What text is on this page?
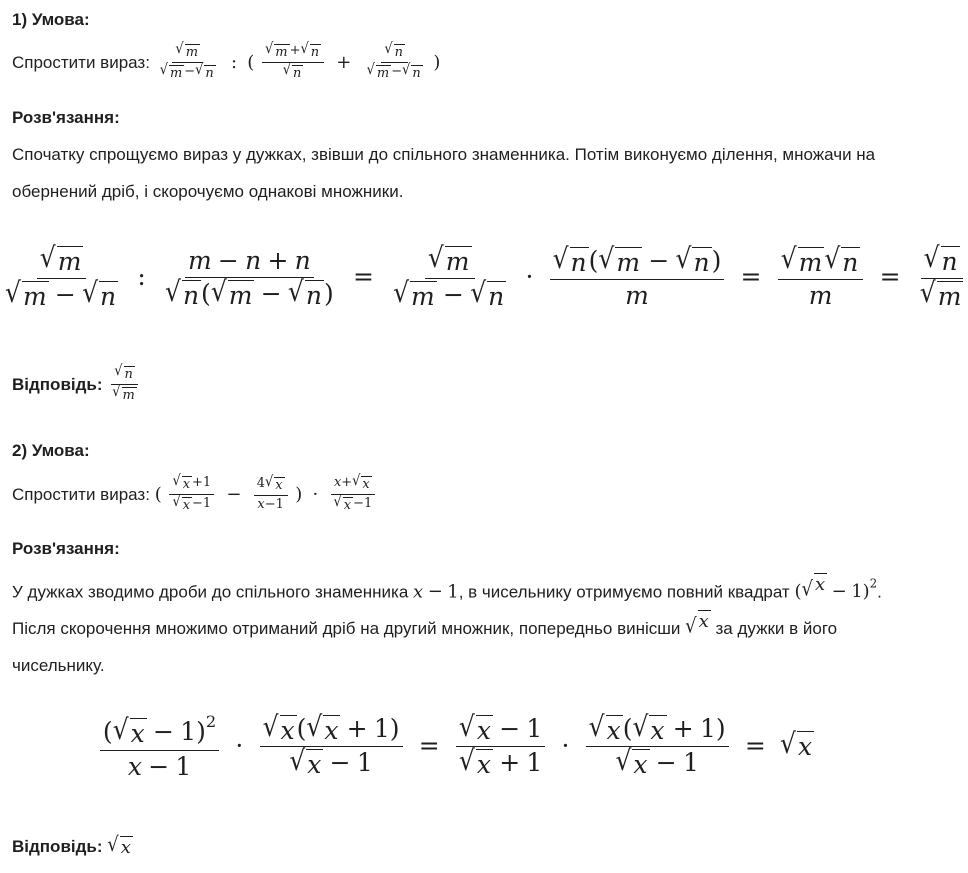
1) Умова:
Спростити вираз: $\frac{√ m}{√ m - √ n}$ : ( $\frac{√ m + √ n}{√ n} + \frac{√ n}{√ m - √ n}$ )
Розв'язання:
Спочатку спрощуємо вираз у дужках, звівши до спільного знаменника. Потім виконуємо ділення, множачи на обернений дріб, і скорочуємо однакові множники.
$\frac{√ m}{√ m - √ n}$ : $\frac{m - n + n}{√ n ( √ m - √ n )} = \frac{√ m}{√ m - √ n} \cdot \frac{√ n ( √ m - √ n )}{m} = \frac{√ m √ n}{m} = \frac{√ n}{√ m}$
Відповідь: $\frac{√ n}{√ m}$
2) Умова:
Спростити вираз: ( $\frac{√ x +1}{√ x -1} - \frac{4 √ x}{x-1}$ ) · $\frac{x+ √ x}{√ x -1}$
Розв'язання:
У дужках зводимо дроби до спільного знаменника x − 1, в чисельнику отримуємо повний квадрат ( √ x − 1)$^2$. Після скорочення множимо отриманий дріб на другий множник, попередньо винісши √ x за дужки в його чисельнику.
$\frac{( √ x - 1)^2}{x - 1} \cdot \frac{√ x ( √ x + 1)}{√ x - 1} = \frac{√ x - 1}{√ x + 1} \cdot \frac{√ x ( √ x + 1)}{√ x - 1}$ = √ x
Відповідь: √ x
